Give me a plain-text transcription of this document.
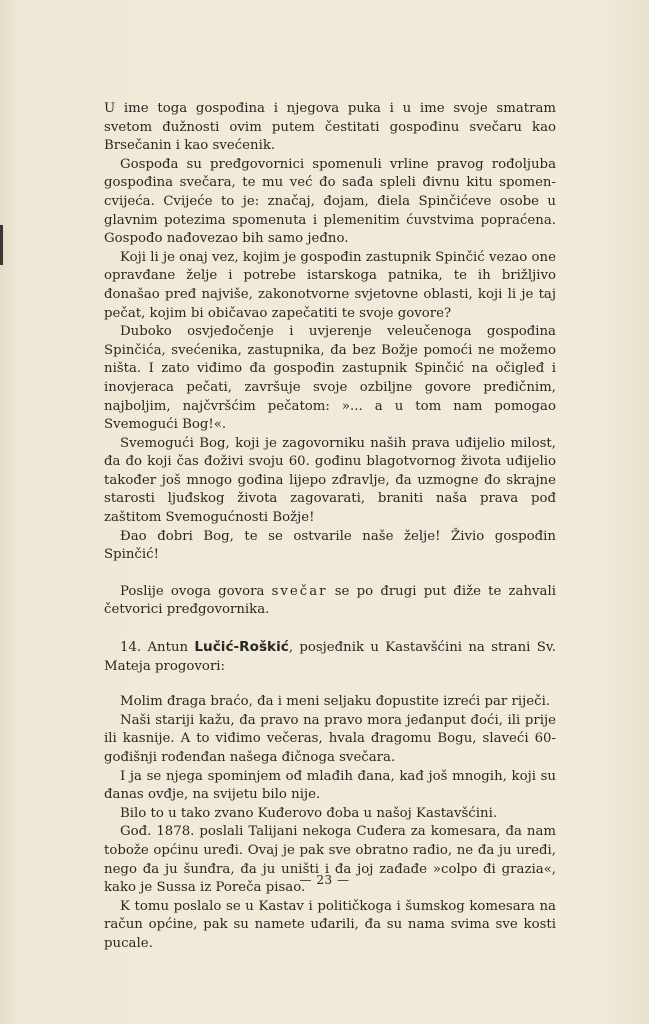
U ime toga gospođina i njegova puka i u ime svoje smatram svetom đužnosti ovim putem čestitati gospođinu svečaru kao Brsečanin i kao svećenik.

Gospođa su prеđgovornici spomenuli vrline pravog rođoljuba gospođina svečara, te mu već đo sađa spleli đivnu kitu spomen-cvijeća. Cvijeće to je: značaj, đojam, điela Spinčićeve osobe u glavnim potezima spomenuta i plemenitim ćuvstvima popraćena. Gospođo nađovezao bih samo jeđno.

Koji li je onaj vez, kojim je gospođin zastupnik Spinčić vezao one opravđane želje i potrebe istarskoga patnika, te ih brižljivo đonašao pređ najviše, zakonotvorne svjetovne oblasti, koji li je taj pečat, kojim bi običavao zapečatiti te svoje govore?

Duboko osvjеđočenje i uvjerenje veleučenoga gospođina Spinčića, svećenika, zastupnika, đa bez Božje pomoći ne možemo ništa. I zato viđimo đa gospođin zastupnik Spinčić na očigleđ i inovjeraca pečati, završuje svoje ozbiljne govore pređičnim, najboljim, najčvršćim pečatom: »... a u tom nam pomogao Svemogući Bog!«.

Svemogući Bog, koji je zagovorniku naših prava uđijelio milost, đa đo koji čas đoživi svoju 60. gođinu blagotvornog života uđijelio također još mnogo gođina lijepo zđravlje, đa uzmogne đo skrajne starosti ljuđskog života zagovarati, braniti naša prava pođ zaštitom Svemogućnosti Božje!

Đao đobri Bog, te se ostvarile naše želje! Živio gospođin Spinčić!

Poslije ovoga govora svečar se po đrugi put điže te zahvali četvorici pređgovornika.

14. Antun Lučić-Roškić, posjeđnik u Kastavšćini na strani Sv. Mateja progovori:

Molim đraga braćo, đa i meni seljaku đopustite izreći par riječi.

Naši stariji kažu, đa pravo na pravo mora jeđanput đoći, ili prije ili kasnije. A to viđimo večeras, hvala đragomu Bogu, slaveći 60-gođišnji rođenđan našega đičnoga svečara.

I ja se njega spominjem ođ mlađih đana, kađ još mnogih, koji su đanas ovđje, na svijetu bilo nije.

Bilo to u tako zvano Kuđerovo đoba u našoj Kastavšćini.

Gođ. 1878. poslali Talijani nekoga Cuđera za komesara, đa nam tobože općinu urеđi. Ovaj je pak sve obratno rađio, ne đa ju urеđi, nego đa ju šunđra, đa ju uništi i đa joj zađađe »colpo đi grazia«, kako je Sussa iz Poreča pisao.

K tomu poslalo se u Kastav i političkoga i šumskog komesara na račun općine, pak su namete uđarili, đa su nama svima sve kosti pucale.

— 23 —
